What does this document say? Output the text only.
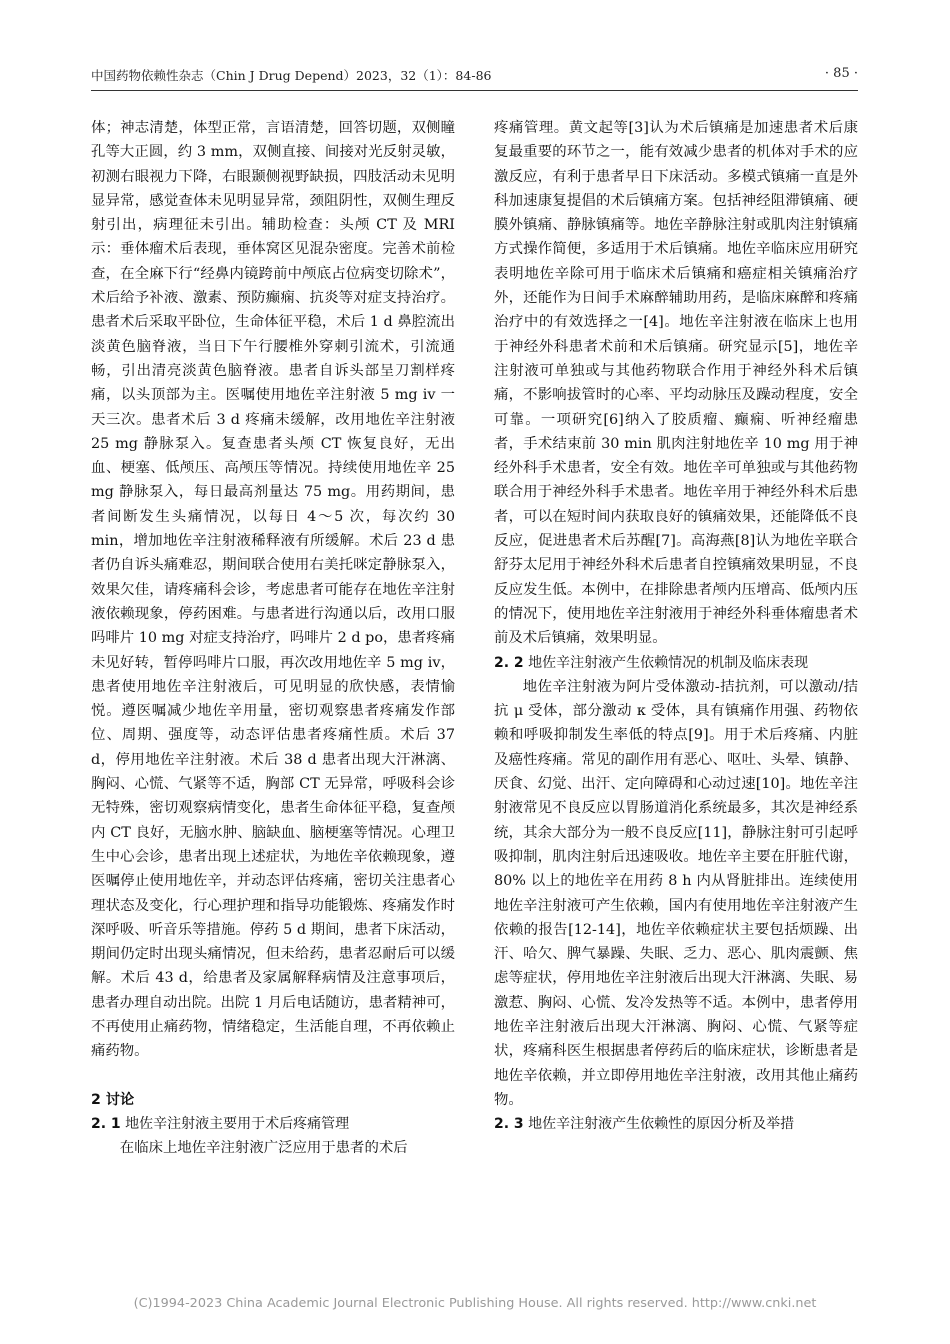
中国药物依赖性杂志（Chin J Drug Depend）2023，32（1）：84-86	· 85 ·

体；神志清楚，体型正常，言语清楚，回答切题，双侧瞳孔等大正圆，约 3 mm，双侧直接、间接对光反射灵敏，初测右眼视力下降，右眼颞侧视野缺损，四肢活动未见明显异常，感觉查体未见明显异常，颈阻阴性，双侧生理反射引出，病理征未引出。辅助检查：头颅 CT 及 MRI 示：垂体瘤术后表现，垂体窝区见混杂密度。完善术前检查，在全麻下行“经鼻内镜跨前中颅底占位病变切除术”，术后给予补液、激素、预防癫痫、抗炎等对症支持治疗。患者术后采取平卧位，生命体征平稳，术后 1 d 鼻腔流出淡黄色脑脊液，当日下午行腰椎外穿刺引流术，引流通畅，引出清亮淡黄色脑脊液。患者自诉头部呈刀割样疼痛，以头顶部为主。医嘱使用地佐辛注射液 5 mg iv 一天三次。患者术后 3 d 疼痛未缓解，改用地佐辛注射液 25 mg 静脉泵入。复查患者头颅 CT 恢复良好，无出血、梗塞、低颅压、高颅压等情况。持续使用地佐辛 25 mg 静脉泵入，每日最高剂量达 75 mg。用药期间，患者间断发生头痛情况，以每日 4～5 次，每次约 30 min，增加地佐辛注射液稀释液有所缓解。术后 23 d 患者仍自诉头痛难忍，期间联合使用右美托咪定静脉泵入，效果欠佳，请疼痛科会诊，考虑患者可能存在地佐辛注射液依赖现象，停药困难。与患者进行沟通以后，改用口服吗啡片 10 mg 对症支持治疗，吗啡片 2 d po，患者疼痛未见好转，暂停吗啡片口服，再次改用地佐辛 5 mg iv，患者使用地佐辛注射液后，可见明显的欣快感，表情愉悦。遵医嘱减少地佐辛用量，密切观察患者疼痛发作部位、周期、强度等，动态评估患者疼痛性质。术后 37 d，停用地佐辛注射液。术后 38 d 患者出现大汗淋漓、胸闷、心慌、气紧等不适，胸部 CT 无异常，呼吸科会诊无特殊，密切观察病情变化，患者生命体征平稳，复查颅内 CT 良好，无脑水肿、脑缺血、脑梗塞等情况。心理卫生中心会诊，患者出现上述症状，为地佐辛依赖现象，遵医嘱停止使用地佐辛，并动态评估疼痛，密切关注患者心理状态及变化，行心理护理和指导功能锻炼、疼痛发作时深呼吸、听音乐等措施。停药 5 d 期间，患者下床活动，期间仍定时出现头痛情况，但未给药，患者忍耐后可以缓解。术后 43 d，给患者及家属解释病情及注意事项后，患者办理自动出院。出院 1 月后电话随访，患者精神可，不再使用止痛药物，情绪稳定，生活能自理，不再依赖止痛药物。

2 讨论

2. 1 地佐辛注射液主要用于术后疼痛管理

在临床上地佐辛注射液广泛应用于患者的术后

疼痛管理。黄文起等[3]认为术后镇痛是加速患者术后康复最重要的环节之一，能有效减少患者的机体对手术的应激反应，有利于患者早日下床活动。多模式镇痛一直是外科加速康复提倡的术后镇痛方案。包括神经阻滞镇痛、硬膜外镇痛、静脉镇痛等。地佐辛静脉注射或肌肉注射镇痛方式操作简便，多适用于术后镇痛。地佐辛临床应用研究表明地佐辛除可用于临床术后镇痛和癌症相关镇痛治疗外，还能作为日间手术麻醉辅助用药，是临床麻醉和疼痛治疗中的有效选择之一[4]。地佐辛注射液在临床上也用于神经外科患者术前和术后镇痛。研究显示[5]，地佐辛注射液可单独或与其他药物联合作用于神经外科术后镇痛，不影响拔管时的心率、平均动脉压及躁动程度，安全可靠。一项研究[6]纳入了胶质瘤、癫痫、听神经瘤患者，手术结束前 30 min 肌肉注射地佐辛 10 mg 用于神经外科手术患者，安全有效。地佐辛可单独或与其他药物联合用于神经外科手术患者。地佐辛用于神经外科术后患者，可以在短时间内获取良好的镇痛效果，还能降低不良反应，促进患者术后苏醒[7]。高海燕[8]认为地佐辛联合舒芬太尼用于神经外科术后患者自控镇痛效果明显，不良反应发生低。本例中，在排除患者颅内压增高、低颅内压的情况下，使用地佐辛注射液用于神经外科垂体瘤患者术前及术后镇痛，效果明显。

2. 2 地佐辛注射液产生依赖情况的机制及临床表现

地佐辛注射液为阿片受体激动-拮抗剂，可以激动/拮抗 μ 受体，部分激动 κ 受体，具有镇痛作用强、药物依赖和呼吸抑制发生率低的特点[9]。用于术后疼痛、内脏及癌性疼痛。常见的副作用有恶心、呕吐、头晕、镇静、厌食、幻觉、出汗、定向障碍和心动过速[10]。地佐辛注射液常见不良反应以胃肠道消化系统最多，其次是神经系统，其余大部分为一般不良反应[11]，静脉注射可引起呼吸抑制，肌肉注射后迅速吸收。地佐辛主要在肝脏代谢，80% 以上的地佐辛在用药 8 h 内从肾脏排出。连续使用地佐辛注射液可产生依赖，国内有使用地佐辛注射液产生依赖的报告[12-14]，地佐辛依赖症状主要包括烦躁、出汗、哈欠、脾气暴躁、失眠、乏力、恶心、肌肉震颤、焦虑等症状，停用地佐辛注射液后出现大汗淋漓、失眠、易激惹、胸闷、心慌、发冷发热等不适。本例中，患者停用地佐辛注射液后出现大汗淋漓、胸闷、心慌、气紧等症状，疼痛科医生根据患者停药后的临床症状，诊断患者是地佐辛依赖，并立即停用地佐辛注射液，改用其他止痛药物。

2. 3 地佐辛注射液产生依赖性的原因分析及举措

(C)1994-2023 China Academic Journal Electronic Publishing House. All rights reserved. http://www.cnki.net
